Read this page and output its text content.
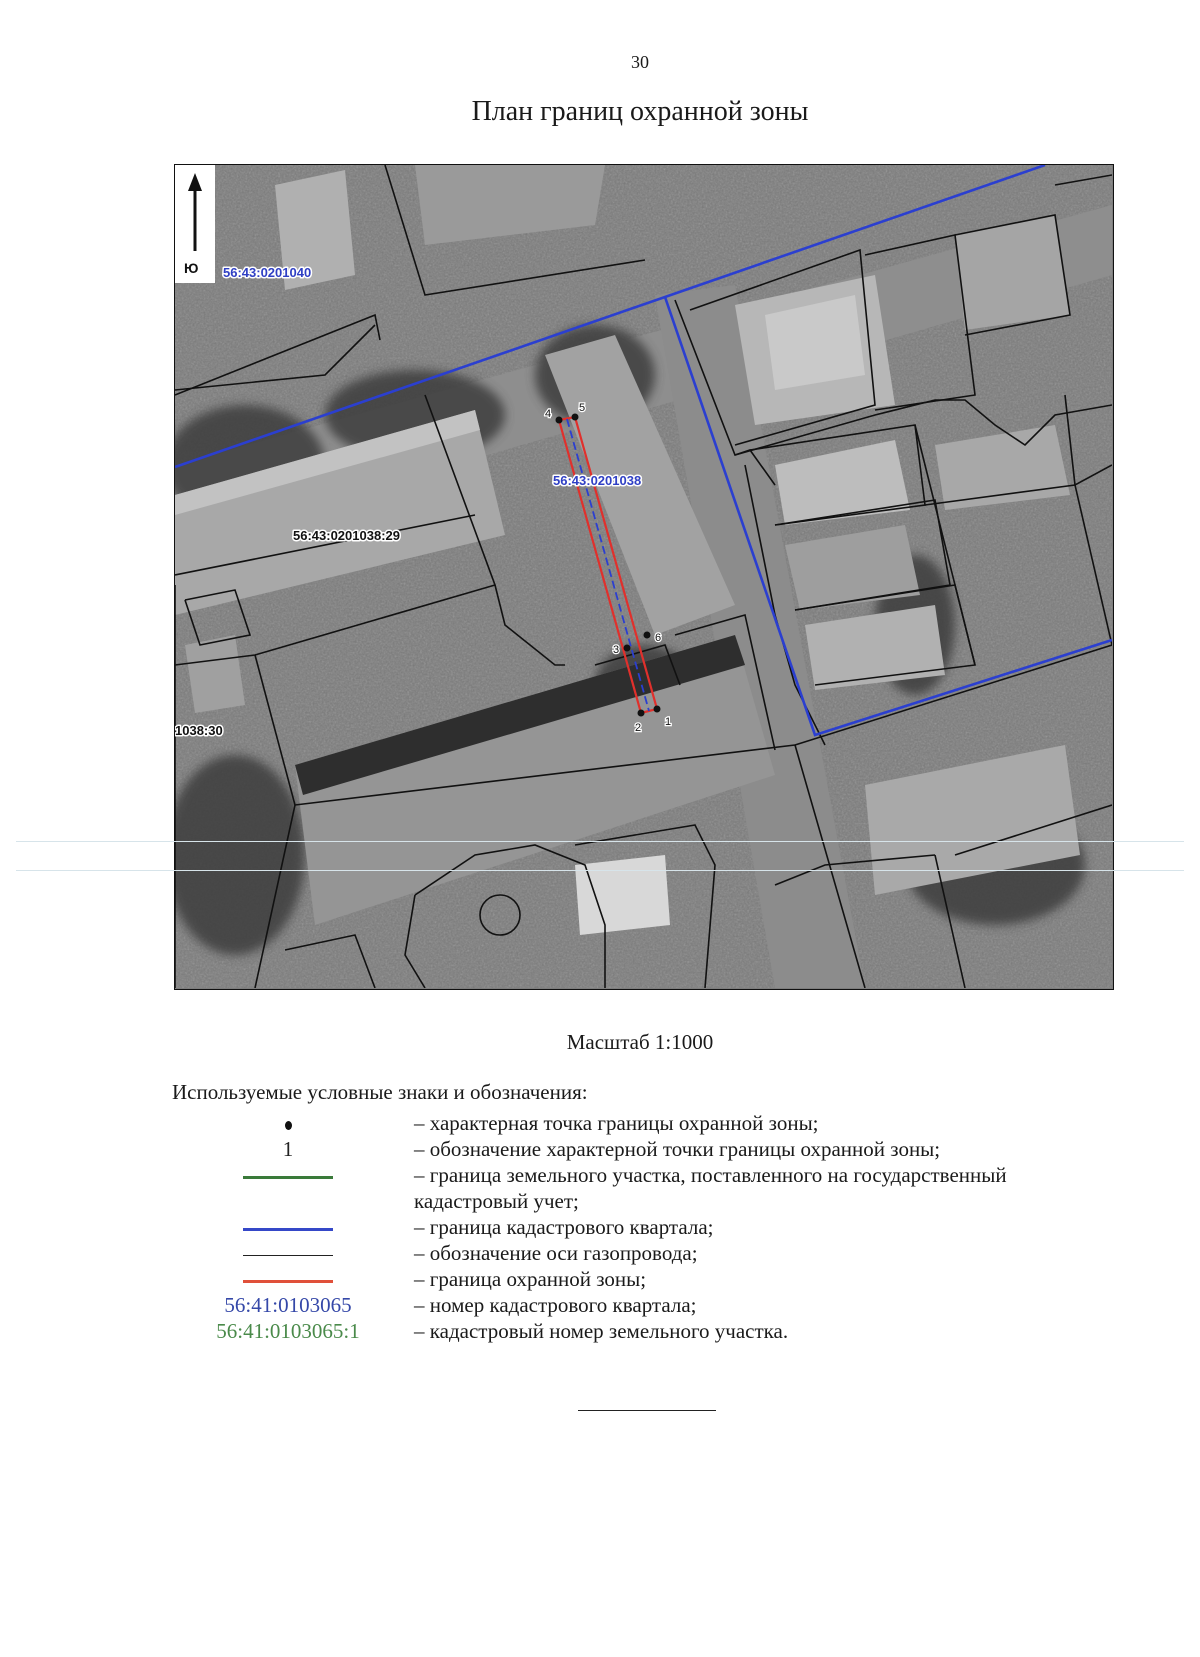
30
План границ охранной зоны
1
2
3
4	5
6
56:43:0201040
56:43:0201038
56:43:0201038:29
1038:30
Ю
Масштаб 1:1000
Используемые условные знаки и обозначения:
– характерная точка границы охранной зоны;
1	– обозначение характерной точки границы охранной зоны;
– граница земельного участка, поставленного на государственный кадастровый учет;
– граница кадастрового квартала;
– обозначение оси газопровода;
– граница охранной зоны;
56:41:0103065	– номер кадастрового квартала;
56:41:0103065:1	– кадастровый номер земельного участка.
